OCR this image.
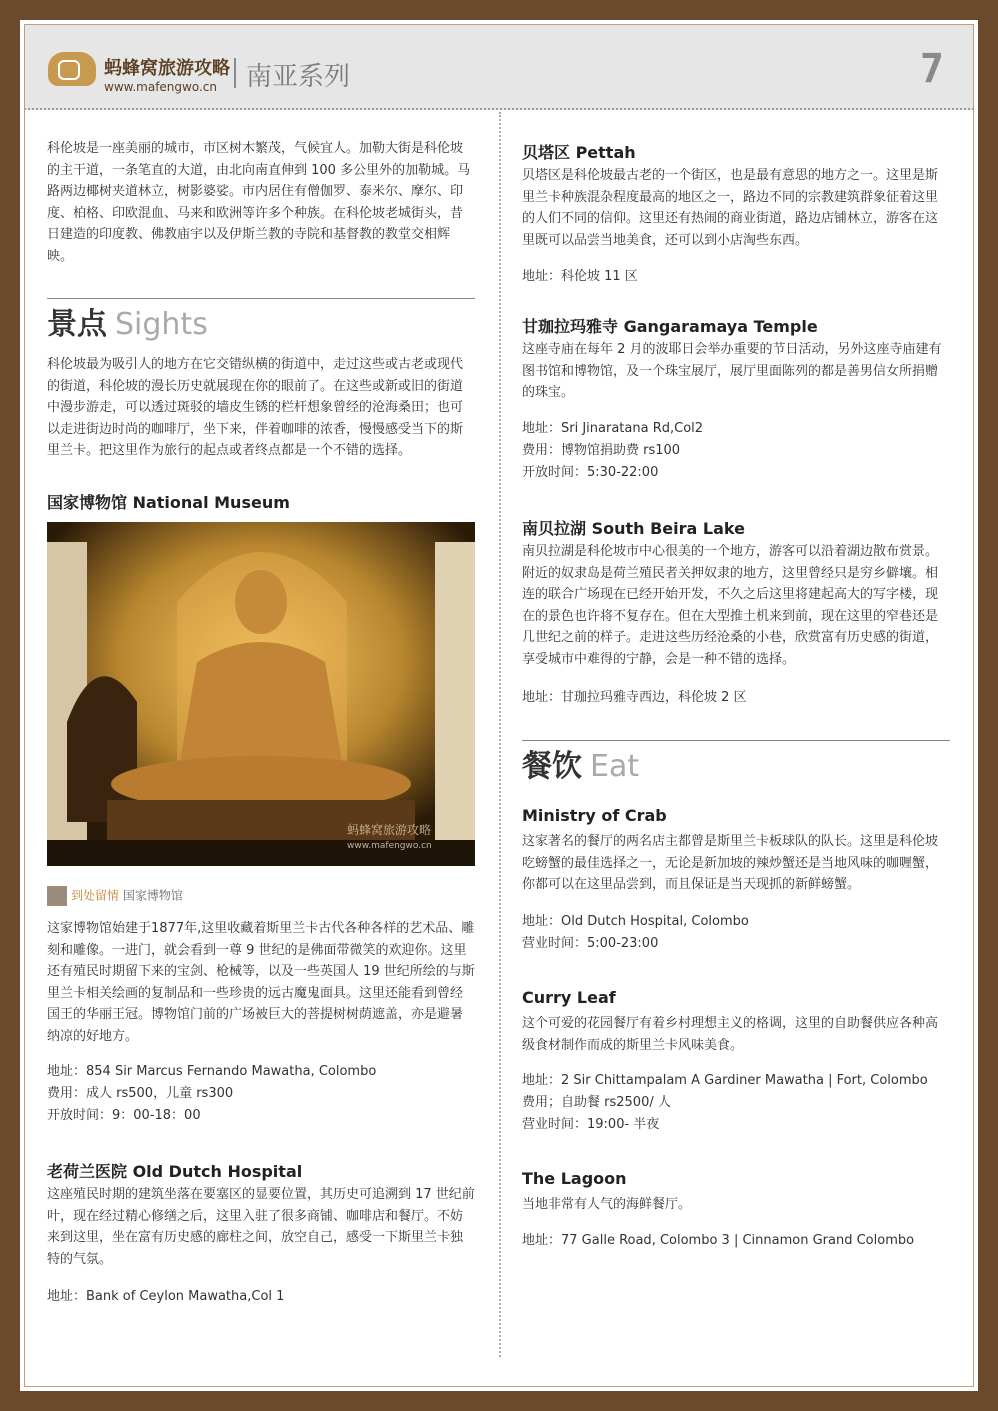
蚂蜂窝旅游攻略
www.mafengwo.cn 南亚系列	7

科伦坡是一座美丽的城市，市区树木繁茂，气候宜人。加勒大街是科伦坡的主干道，一条笔直的大道，由北向南直伸到 100 多公里外的加勒城。马路两边椰树夹道林立，树影婆娑。市内居住有僧伽罗、泰米尔、摩尔、印度、柏格、印欧混血、马来和欧洲等许多个种族。在科伦坡老城街头，昔日建造的印度教、佛教庙宇以及伊斯兰教的寺院和基督教的教堂交相辉映。

景点 Sights

科伦坡最为吸引人的地方在它交错纵横的街道中，走过这些或古老或现代的街道，科伦坡的漫长历史就展现在你的眼前了。在这些或新或旧的街道中漫步游走，可以透过斑驳的墙皮生锈的栏杆想象曾经的沧海桑田；也可以走进街边时尚的咖啡厅，坐下来，伴着咖啡的浓香，慢慢感受当下的斯里兰卡。把这里作为旅行的起点或者终点都是一个不错的选择。

国家博物馆 National Museum
蚂蜂窝旅游攻略
www.mafengwo.cn
到处留情 国家博物馆

这家博物馆始建于1877年,这里收藏着斯里兰卡古代各种各样的艺术品、雕刻和雕像。一进门，就会看到一尊 9 世纪的是佛面带微笑的欢迎你。这里还有殖民时期留下来的宝剑、枪械等，以及一些英国人 19 世纪所绘的与斯里兰卡相关绘画的复制品和一些珍贵的远古魔鬼面具。这里还能看到曾经国王的华丽王冠。博物馆门前的广场被巨大的菩提树树荫遮盖，亦是避暑纳凉的好地方。

地址：854 Sir Marcus Fernando Mawatha, Colombo

费用：成人 rs500，儿童 rs300

开放时间：9：00-18：00

老荷兰医院 Old Dutch Hospital

这座殖民时期的建筑坐落在要塞区的显要位置，其历史可追溯到 17 世纪前叶，现在经过精心修缮之后，这里入驻了很多商铺、咖啡店和餐厅。不妨来到这里，坐在富有历史感的廊柱之间，放空自己，感受一下斯里兰卡独特的气氛。

地址：Bank of Ceylon Mawatha,Col 1

贝塔区 Pettah

贝塔区是科伦坡最古老的一个街区，也是最有意思的地方之一。这里是斯里兰卡种族混杂程度最高的地区之一，路边不同的宗教建筑群象征着这里的人们不同的信仰。这里还有热闹的商业街道，路边店铺林立，游客在这里既可以品尝当地美食，还可以到小店淘些东西。

地址：科伦坡 11 区

甘珈拉玛雅寺 Gangaramaya Temple

这座寺庙在每年 2 月的波耶日会举办重要的节日活动，另外这座寺庙建有图书馆和博物馆，及一个珠宝展厅，展厅里面陈列的都是善男信女所捐赠的珠宝。

地址：Sri Jinaratana Rd,Col2

费用：博物馆捐助费 rs100

开放时间：5:30-22:00

南贝拉湖 South Beira Lake

南贝拉湖是科伦坡市中心很美的一个地方，游客可以沿着湖边散布赏景。附近的奴隶岛是荷兰殖民者关押奴隶的地方，这里曾经只是穷乡僻壤。相连的联合广场现在已经开始开发，不久之后这里将建起高大的写字楼，现在的景色也许将不复存在。但在大型推土机来到前，现在这里的窄巷还是几世纪之前的样子。走进这些历经沧桑的小巷，欣赏富有历史感的街道，享受城市中难得的宁静，会是一种不错的选择。

地址：甘珈拉玛雅寺西边，科伦坡 2 区

餐饮 Eat
Ministry of Crab

这家著名的餐厅的两名店主都曾是斯里兰卡板球队的队长。这里是科伦坡吃螃蟹的最佳选择之一，无论是新加坡的辣炒蟹还是当地风味的咖喱蟹，你都可以在这里品尝到，而且保证是当天现抓的新鲜螃蟹。

地址：Old Dutch Hospital, Colombo

营业时间：5:00-23:00

Curry Leaf

这个可爱的花园餐厅有着乡村理想主义的格调，这里的自助餐供应各种高级食材制作而成的斯里兰卡风味美食。

地址：2 Sir Chittampalam A Gardiner Mawatha | Fort, Colombo

费用；自助餐 rs2500/ 人

营业时间：19:00- 半夜

The Lagoon

当地非常有人气的海鲜餐厅。

地址：77 Galle Road, Colombo 3 | Cinnamon Grand Colombo
